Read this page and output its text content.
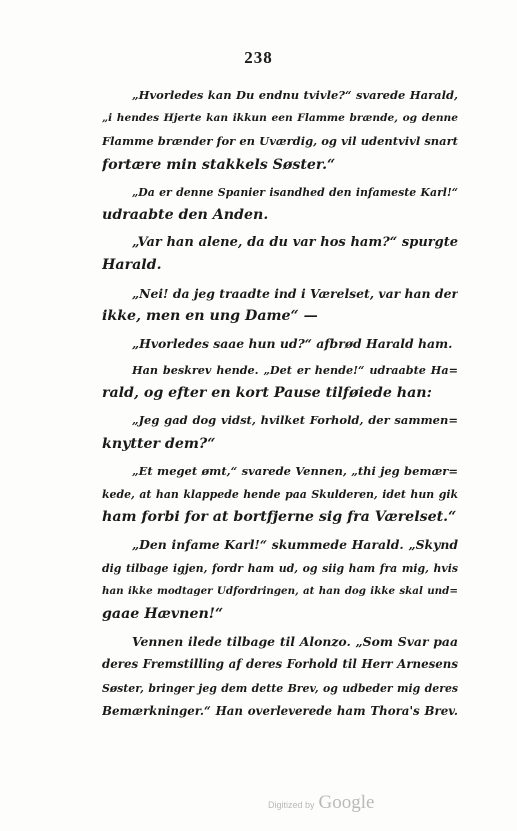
238
„Hvorledes kan Du endnu tvivle?“ svarede Harald,
„i hendes Hjerte kan ikkun een Flamme brænde, og denne
Flamme brænder for en Uværdig, og vil udentvivl snart
fortære min stakkels Søster.“
„Da er denne Spanier isandhed den infameste Karl!“
udraabte den Anden.
„Var han alene, da du var hos ham?“ spurgte
Harald.
„Nei! da jeg traadte ind i Værelset, var han der
ikke, men en ung Dame“ —
„Hvorledes saae hun ud?“ afbrød Harald ham.
Han beskrev hende. „Det er hende!“ udraabte Ha=
rald, og efter en kort Pause tilføiede han:
„Jeg gad dog vidst, hvilket Forhold, der sammen=
knytter dem?“
„Et meget ømt,“ svarede Vennen, „thi jeg bemær=
kede, at han klappede hende paa Skulderen, idet hun gik
ham forbi for at bortfjerne sig fra Værelset.“
„Den infame Karl!“ skummede Harald. „Skynd
dig tilbage igjen, fordr ham ud, og siig ham fra mig, hvis
han ikke modtager Udfordringen, at han dog ikke skal und=
gaae Hævnen!“
Vennen ilede tilbage til Alonzo. „Som Svar paa
deres Fremstilling af deres Forhold til Herr Arnesens
Søster, bringer jeg dem dette Brev, og udbeder mig deres
Bemærkninger.“ Han overleverede ham Thora's Brev.
Digitized by Google
